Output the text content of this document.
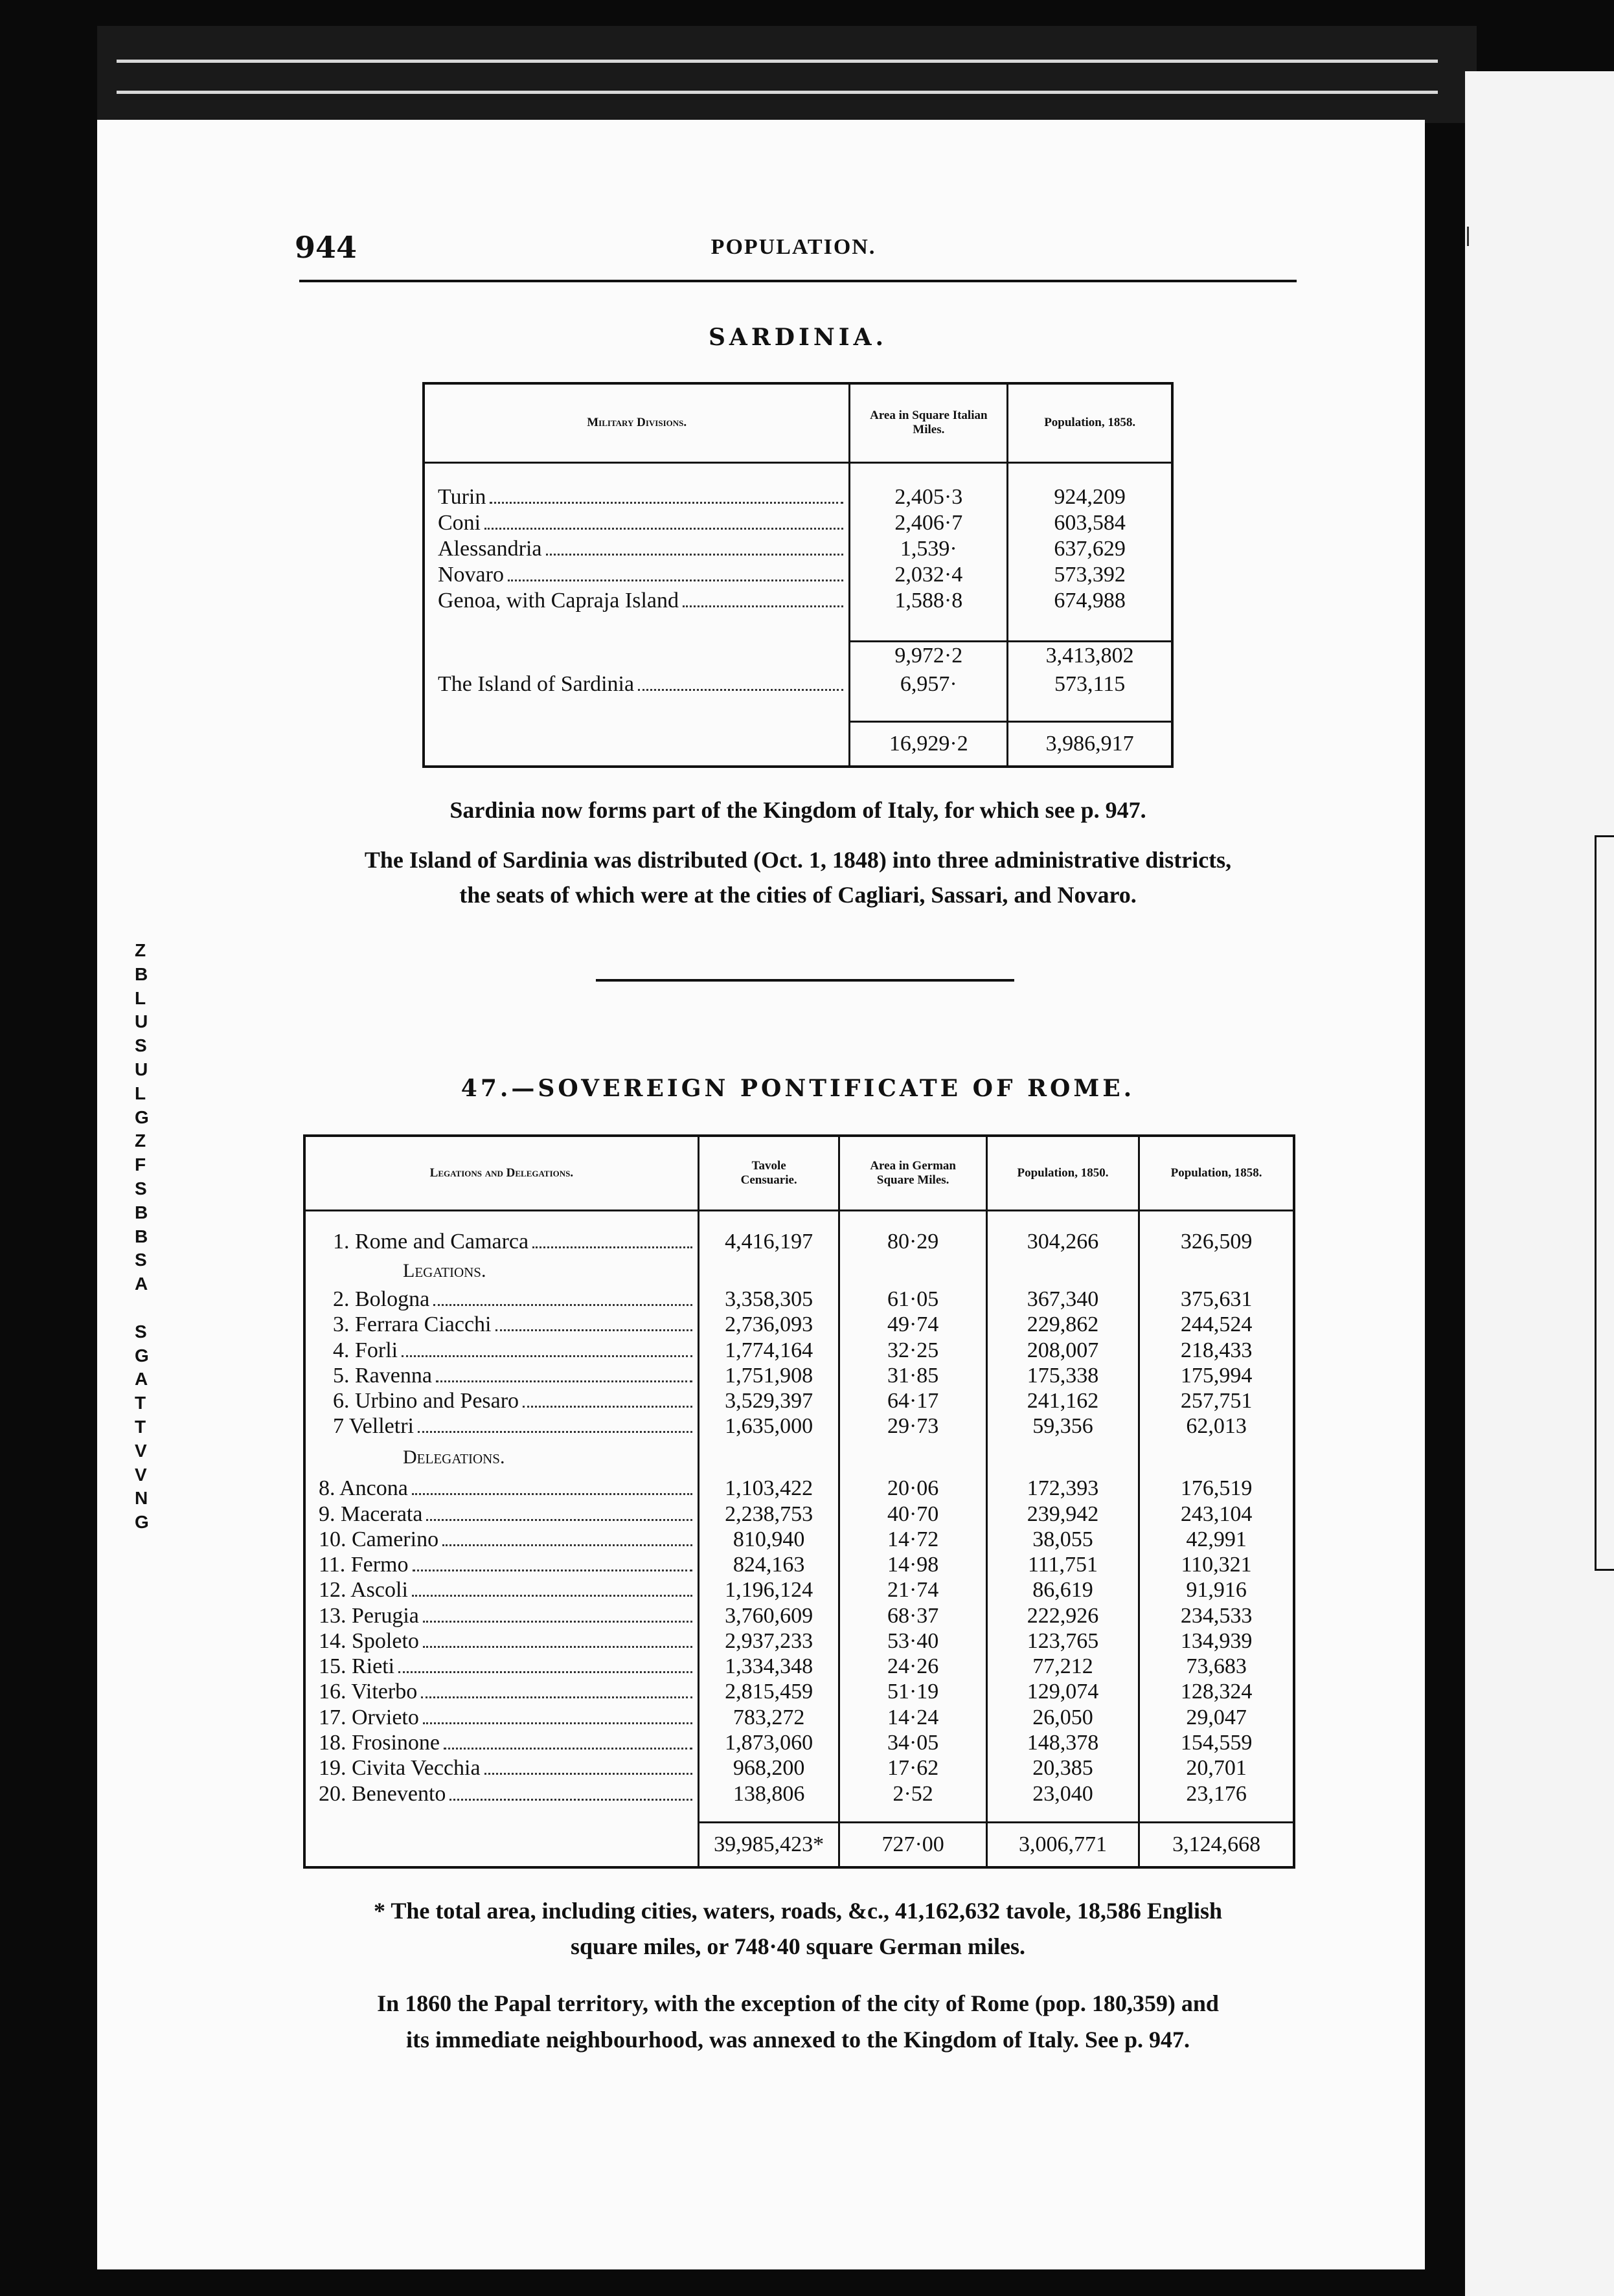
Z
B
L
U
S
U
L
G
Z
F
S
B
B
S
A
S
G
A
T
T
V
V
N
G
944	POPULATION.
SARDINIA.
Military Divisions.	Area in Square Italian Miles.	Population, 1858.

Turin	2,405·3	924,209

Coni	2,406·7	603,584

Alessandria	1,539·	637,629

Novaro	2,032·4	573,392

Genoa, with Capraja Island	1,588·8	674,988

	9,972·2	3,413,802

The Island of Sardinia	6,957·	573,115

	16,929·2	3,986,917
Sardinia now forms part of the Kingdom of Italy, for which see p. 947.
The Island of Sardinia was distributed (Oct. 1, 1848) into three administrative districts,
the seats of which were at the cities of Cagliari, Sassari, and Novaro.
47.—SOVEREIGN PONTIFICATE OF ROME.
Legations and Delegations.	Tavole Censuarie.	Area in German Square Miles.	Population, 1850.	Population, 1858.

1. Rome and Camarca	4,416,197	80·29	304,266	326,509
Legations.				

2. Bologna	3,358,305	61·05	367,340	375,631

3. Ferrara Ciacchi	2,736,093	49·74	229,862	244,524

4. Forli	1,774,164	32·25	208,007	218,433

5. Ravenna	1,751,908	31·85	175,338	175,994

6. Urbino and Pesaro	3,529,397	64·17	241,162	257,751

7 Velletri	1,635,000	29·73	59,356	62,013
Delegations.				

8. Ancona	1,103,422	20·06	172,393	176,519

9. Macerata	2,238,753	40·70	239,942	243,104

10. Camerino	810,940	14·72	38,055	42,991

11. Fermo	824,163	14·98	111,751	110,321

12. Ascoli	1,196,124	21·74	86,619	91,916

13. Perugia	3,760,609	68·37	222,926	234,533

14. Spoleto	2,937,233	53·40	123,765	134,939

15. Rieti	1,334,348	24·26	77,212	73,683

16. Viterbo	2,815,459	51·19	129,074	128,324

17. Orvieto	783,272	14·24	26,050	29,047

18. Frosinone	1,873,060	34·05	148,378	154,559

19. Civita Vecchia	968,200	17·62	20,385	20,701

20. Benevento	138,806	2·52	23,040	23,176

	39,985,423*	727·00	3,006,771	3,124,668
* The total area, including cities, waters, roads, &c., 41,162,632 tavole, 18,586 English
square miles, or 748·40 square German miles.
In 1860 the Papal territory, with the exception of the city of Rome (pop. 180,359) and
its immediate neighbourhood, was annexed to the Kingdom of Italy. See p. 947.
